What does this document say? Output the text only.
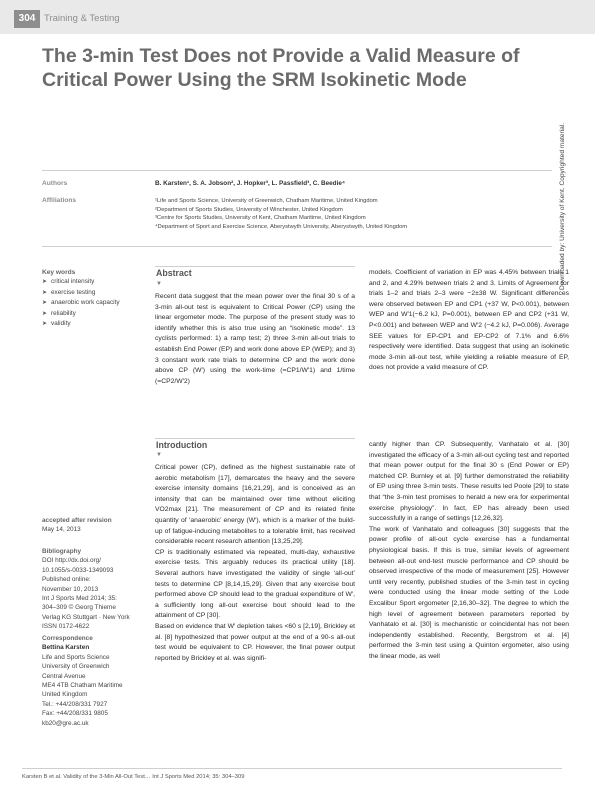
304 Training & Testing
The 3-min Test Does not Provide a Valid Measure of
Critical Power Using the SRM Isokinetic Mode
Authors	B. Karsten¹, S. A. Jobson², J. Hopker³, L. Passfield³, C. Beedie⁴
Affiliations	¹Life and Sports Science, University of Greenwich, Chatham Maritime, United Kingdom
²Department of Sports Studies, University of Winchester, United Kingdom
³Centre for Sports Studies, University of Kent, Chatham Maritime, United Kingdom
⁴Department of Sport and Exercise Science, Aberystwyth University, Aberystwyth, United Kingdom
Key words
➤ critical intensity
➤ exercise testing
➤ anaerobic work capacity
➤ reliability
➤ validity
accepted after revision
May 14, 2013
Bibliography
DOI http://dx.doi.org/
10.1055/s-0033-1349093
Published online:
November 10, 2013
Int J Sports Med 2014; 35:
304–309 © Georg Thieme
Verlag KG Stuttgart · New York
ISSN 0172-4622
Correspondence
Bettina Karsten
Life and Sports Science
University of Greenwich
Central Avenue
ME4 4TB Chatham Maritime
United Kingdom
Tel.: +44/208/331 7927
Fax: +44/208/331 9805
kb20@gre.ac.uk
Abstract
▼
Recent data suggest that the mean power over the final 30 s of a 3-min all-out test is equivalent to Critical Power (CP) using the linear ergometer mode. The purpose of the present study was to identify whether this is also true using an “isokinetic mode”. 13 cyclists performed: 1) a ramp test; 2) three 3-min all-out trials to establish End Power (EP) and work done above EP (WEP); and 3) 3 constant work rate trials to determine CP and the work done above CP (W′) using the work-time (=CP1/W′1) and 1/time (=CP2/W′2)
models. Coefficient of variation in EP was 4.45% between trials 1 and 2, and 4.29% between trials 2 and 3. Limits of Agreement for trials 1–2 and trials 2–3 were −2±38 W. Significant differences were observed between EP and CP1 (+37 W, P<0.001), between WEP and W′1(−6.2 kJ, P=0.001), between EP and CP2 (+31 W, P<0.001) and between WEP and W′2 (−4.2 kJ, P=0.006). Average SEE values for EP-CP1 and EP-CP2 of 7.1% and 6.6% respectively were identified. Data suggest that using an isokinetic mode 3-min all-out test, while yielding a reliable measure of EP, does not provide a valid measure of CP.
Introduction
▼

Critical power (CP), defined as the highest sustainable rate of aerobic metabolism [17], demarcates the heavy and the severe exercise intensity domains [16,21,29], and is conceived as an intensity that can be maintained over time without eliciting VO2max [21]. The measurement of CP and its related finite quantity of ‘anaerobic’ energy (W′), which is a marker of the build-up of fatigue-inducing metabolites to a tolerable limit, has received considerable recent research attention [13,25,29].

CP is traditionally estimated via repeated, multi-day, exhaustive exercise tests. This arguably reduces its practical utility [18]. Several authors have investigated the validity of single ‘all-out’ tests to determine CP [8,14,15,29]. Given that any exercise bout performed above CP should lead to the gradual expenditure of W′, a sufficiently long all-out exercise bout should lead to the attainment of CP [30].

Based on evidence that W′ depletion takes <60 s [2,19], Brickley et al. [8] hypothesized that power output at the end of a 90-s all-out test would be equivalent to CP. However, the final power output reported by Brickley et al. was signifi-

cantly higher than CP. Subsequently, Vanhatalo et al. [30] investigated the efficacy of a 3-min all-out cycling test and reported that mean power output for the final 30 s (End Power or EP) matched CP. Burnley et al. [9] further demonstrated the reliability of EP using three 3-min tests. These results led Poole [29] to state that “the 3-min test promises to herald a new era for experimental exercise physiology”. In fact, EP has already been used successfully in a range of settings [12,26,32].

The work of Vanhatalo and colleagues [30] suggests that the power profile of all-out cycle exercise has a fundamental physiological basis. If this is true, similar levels of agreement between all-out end-test muscle performance and CP should be observed irrespective of the mode of measurement [25]. However until very recently, published studies of the 3-min test in cycling were conducted using the linear mode setting of the Lode Excalibur Sport ergometer [2,16,30–32]. The degree to which the high level of agreement between parameters reported by Vanhatalo et al. [30] is mechanistic or coincidental has not been independently established. Recently, Bergstrom et al. [4] performed the 3-min test using a Quinton ergometer, also using the linear mode, as well

Karsten B et al. Validity of the 3-Min All-Out Test… Int J Sports Med 2014; 35: 304–309
Downloaded by: University of Kent. Copyrighted material.
